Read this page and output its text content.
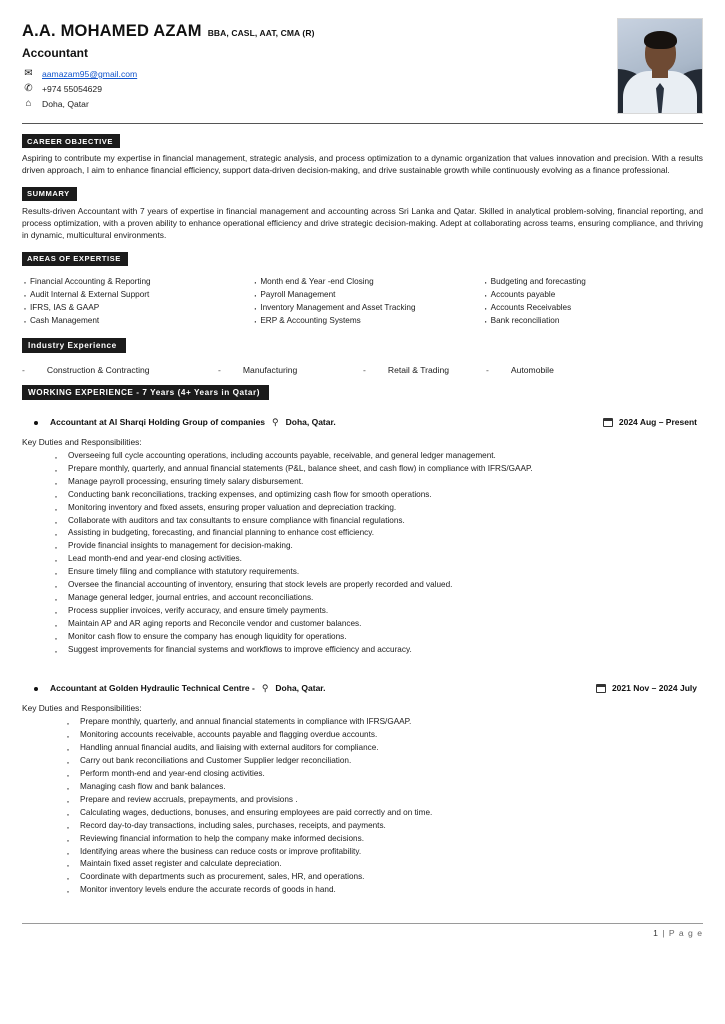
A.A. MOHAMED AZAM BBA, CASL, AAT, CMA (R)
Accountant
✉ aamazam95@gmail.com
✆ +974 55054629
⌂	Doha, Qatar
CAREER OBJECTIVE

Aspiring to contribute my expertise in financial management, strategic analysis, and process optimization to a dynamic organization that values innovation and precision. With a results driven approach, I aim to enhance financial efficiency, support data-driven decision-making, and drive sustainable growth while continuously evolving as a finance professional.

SUMMARY

Results-driven Accountant with 7 years of expertise in financial management and accounting across Sri Lanka and Qatar. Skilled in analytical problem-solving, financial reporting, and process optimization, with a proven ability to enhance operational efficiency and drive strategic decision-making. Adept at collaborating across teams, ensuring compliance, and thriving in dynamic, multicultural environments.

AREAS OF EXPERTISE
· Financial Accounting & Reporting
· Audit Internal & External Support
· IFRS, IAS & GAAP
· Cash Management
· Month end & Year -end Closing
· Payroll Management
· Inventory Management and Asset Tracking
· ERP & Accounting Systems
· Budgeting and forecasting
· Accounts payable
· Accounts Receivables
· Bank reconciliation
Industry Experience
-	Construction & Contracting	-	Manufacturing	-	Retail & Trading	-	Automobile
WORKING EXPERIENCE - 7 Years (4+ Years in Qatar)
Accountant at Al Sharqi Holding Group of companies ⚲ Doha, Qatar.	2024 Aug – Present
Key Duties and Responsibilities:
· Overseeing full cycle accounting operations, including accounts payable, receivable, and general ledger management.
· Prepare monthly, quarterly, and annual financial statements (P&L, balance sheet, and cash flow) in compliance with IFRS/GAAP.
· Manage payroll processing, ensuring timely salary disbursement.
· Conducting bank reconciliations, tracking expenses, and optimizing cash flow for smooth operations.
· Monitoring inventory and fixed assets, ensuring proper valuation and depreciation tracking.
· Collaborate with auditors and tax consultants to ensure compliance with financial regulations.
· Assisting in budgeting, forecasting, and financial planning to enhance cost efficiency.
· Provide financial insights to management for decision-making.
· Lead month-end and year-end closing activities.
· Ensure timely filing and compliance with statutory requirements.
· Oversee the financial accounting of inventory, ensuring that stock levels are properly recorded and valued.
· Manage general ledger, journal entries, and account reconciliations.
· Process supplier invoices, verify accuracy, and ensure timely payments.
· Maintain AP and AR aging reports and Reconcile vendor and customer balances.
· Monitor cash flow to ensure the company has enough liquidity for operations.
· Suggest improvements for financial systems and workflows to improve efficiency and accuracy.
Accountant at Golden Hydraulic Technical Centre - ⚲ Doha, Qatar.	2021 Nov – 2024 July
Key Duties and Responsibilities:
· Prepare monthly, quarterly, and annual financial statements in compliance with IFRS/GAAP.
· Monitoring accounts receivable, accounts payable and flagging overdue accounts.
· Handling annual financial audits, and liaising with external auditors for compliance.
· Carry out bank reconciliations and Customer Supplier ledger reconciliation.
· Perform month-end and year-end closing activities.
· Managing cash flow and bank balances.
· Prepare and review accruals, prepayments, and provisions .
· Calculating wages, deductions, bonuses, and ensuring employees are paid correctly and on time.
· Record day-to-day transactions, including sales, purchases, receipts, and payments.
· Reviewing financial information to help the company make informed decisions.
· Identifying areas where the business can reduce costs or improve profitability.
· Maintain fixed asset register and calculate depreciation.
· Coordinate with departments such as procurement, sales, HR, and operations.
· Monitor inventory levels endure the accurate records of goods in hand.
1 | P a g e
